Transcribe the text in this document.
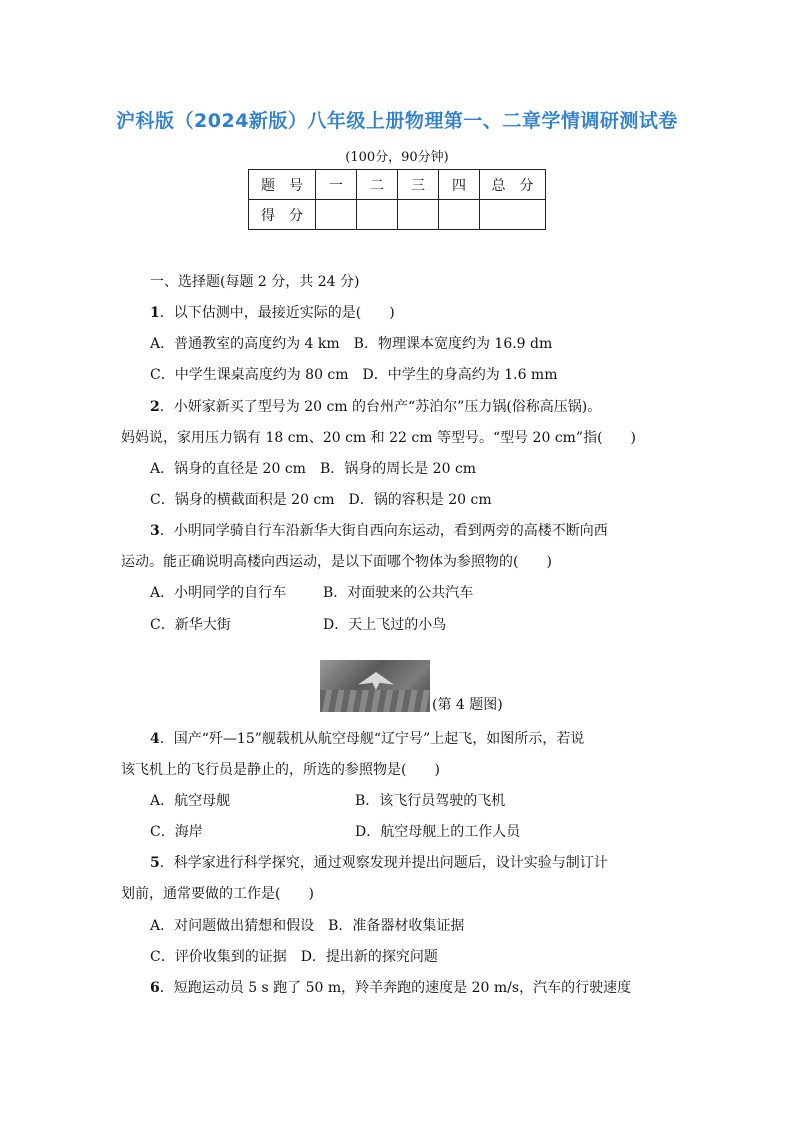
沪科版（2024新版）八年级上册物理第一、二章学情调研测试卷
(100分，90分钟)
题　号	一	二	三	四	总　分
得　分					
一、选择题(每题 2 分，共 24 分)
1．以下估测中，最接近实际的是(　　)
A．普通教室的高度约为 4 km　B．物理课本宽度约为 16.9 dm
C．中学生课桌高度约为 80 cm　D．中学生的身高约为 1.6 mm
2．小妍家新买了型号为 20 cm 的台州产“苏泊尔”压力锅(俗称高压锅)。
妈妈说，家用压力锅有 18 cm、20 cm 和 22 cm 等型号。“型号 20 cm”指(　　)
A．锅身的直径是 20 cm　B．锅身的周长是 20 cm
C．锅身的横截面积是 20 cm　D．锅的容积是 20 cm
3．小明同学骑自行车沿新华大街自西向东运动，看到两旁的高楼不断向西
运动。能正确说明高楼向西运动，是以下面哪个物体为参照物的(　　)
A．小明同学的自行车	B．对面驶来的公共汽车
C．新华大街	D．天上飞过的小鸟
(第 4 题图)
4．国产“歼—15”舰载机从航空母舰“辽宁号”上起飞，如图所示，若说
该飞机上的飞行员是静止的，所选的参照物是(　　)
A．航空母舰	B．该飞行员驾驶的飞机
C．海岸	D．航空母舰上的工作人员
5．科学家进行科学探究，通过观察发现并提出问题后，设计实验与制订计
划前，通常要做的工作是(　　)
A．对问题做出猜想和假设　B．准备器材收集证据
C．评价收集到的证据　D．提出新的探究问题
6．短跑运动员 5 s 跑了 50 m，羚羊奔跑的速度是 20 m/s，汽车的行驶速度
